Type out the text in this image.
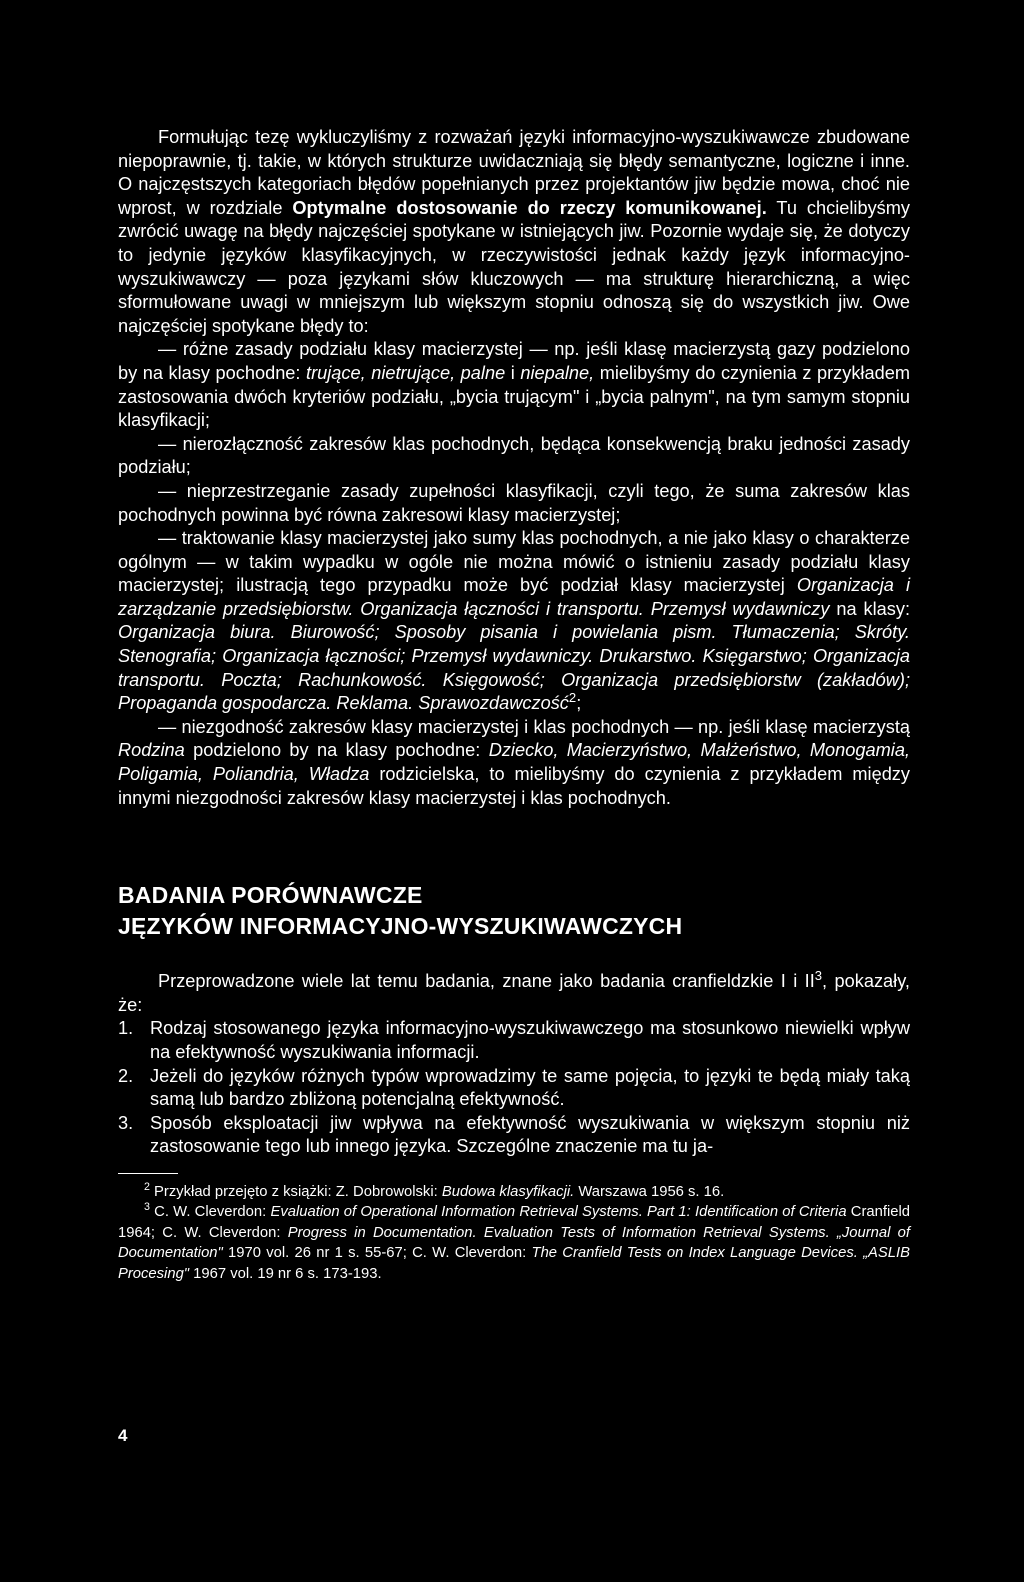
Formułując tezę wykluczyliśmy z rozważań języki informacyjno-wyszukiwawcze zbudowane niepoprawnie, tj. takie, w których strukturze uwidaczniają się błędy semantyczne, logiczne i inne. O najczęstszych kategoriach błędów popełnianych przez projektantów jiw będzie mowa, choć nie wprost, w rozdziale Optymalne dostosowanie do rzeczy komunikowanej. Tu chcielibyśmy zwrócić uwagę na błędy najczęściej spotykane w istniejących jiw. Pozornie wydaje się, że dotyczy to jedynie języków klasyfikacyjnych, w rzeczywistości jednak każdy język informacyjno-wyszukiwawczy — poza językami słów kluczowych — ma strukturę hierarchiczną, a więc sformułowane uwagi w mniejszym lub większym stopniu odnoszą się do wszystkich jiw. Owe najczęściej spotykane błędy to:

— różne zasady podziału klasy macierzystej — np. jeśli klasę macierzystą gazy podzielono by na klasy pochodne: trujące, nietrujące, palne i niepalne, mielibyśmy do czynienia z przykładem zastosowania dwóch kryteriów podziału, „bycia trującym" i „bycia palnym", na tym samym stopniu klasyfikacji;

— nierozłączność zakresów klas pochodnych, będąca konsekwencją braku jedności zasady podziału;

— nieprzestrzeganie zasady zupełności klasyfikacji, czyli tego, że suma zakresów klas pochodnych powinna być równa zakresowi klasy macierzystej;

— traktowanie klasy macierzystej jako sumy klas pochodnych, a nie jako klasy o charakterze ogólnym — w takim wypadku w ogóle nie można mówić o istnieniu zasady podziału klasy macierzystej; ilustracją tego przypadku może być podział klasy macierzystej Organizacja i zarządzanie przedsiębiorstw. Organizacja łączności i transportu. Przemysł wydawniczy na klasy: Organizacja biura. Biurowość; Sposoby pisania i powielania pism. Tłumaczenia; Skróty. Stenografia; Organizacja łączności; Przemysł wydawniczy. Drukarstwo. Księgarstwo; Organizacja transportu. Poczta; Rachunkowość. Księgowość; Organizacja przedsiębiorstw (zakładów); Propaganda gospodarcza. Reklama. Sprawozdawczość$^2$;

— niezgodność zakresów klasy macierzystej i klas pochodnych — np. jeśli klasę macierzystą Rodzina podzielono by na klasy pochodne: Dziecko, Macierzyństwo, Małżeństwo, Monogamia, Poligamia, Poliandria, Władza rodzicielska, to mielibyśmy do czynienia z przykładem między innymi niezgodności zakresów klasy macierzystej i klas pochodnych.

BADANIA PORÓWNAWCZE
JĘZYKÓW INFORMACYJNO-WYSZUKIWAWCZYCH

Przeprowadzone wiele lat temu badania, znane jako badania cranfieldzkie I i $II^3$, pokazały, że:

1. Rodzaj stosowanego języka informacyjno-wyszukiwawczego ma stosunkowo niewielki wpływ na efektywność wyszukiwania informacji.
2. Jeżeli do języków różnych typów wprowadzimy te same pojęcia, to języki te będą miały taką samą lub bardzo zbliżoną potencjalną efektywność.
3. Sposób eksploatacji jiw wpływa na efektywność wyszukiwania w większym stopniu niż zastosowanie tego lub innego języka. Szczególne znaczenie ma tu ja-

$^2$ Przykład przejęto z książki: Z. Dobrowolski: Budowa klasyfikacji. Warszawa 1956 s. 16.

$^3$ C. W. Cleverdon: Evaluation of Operational Information Retrieval Systems. Part 1: Identification of Criteria Cranfield 1964; C. W. Cleverdon: Progress in Documentation. Evaluation Tests of Information Retrieval Systems. „Journal of Documentation" 1970 vol. 26 nr 1 s. 55-67; C. W. Cleverdon: The Cranfield Tests on Index Language Devices. „ASLIB Procesing" 1967 vol. 19 nr 6 s. 173-193.

4
